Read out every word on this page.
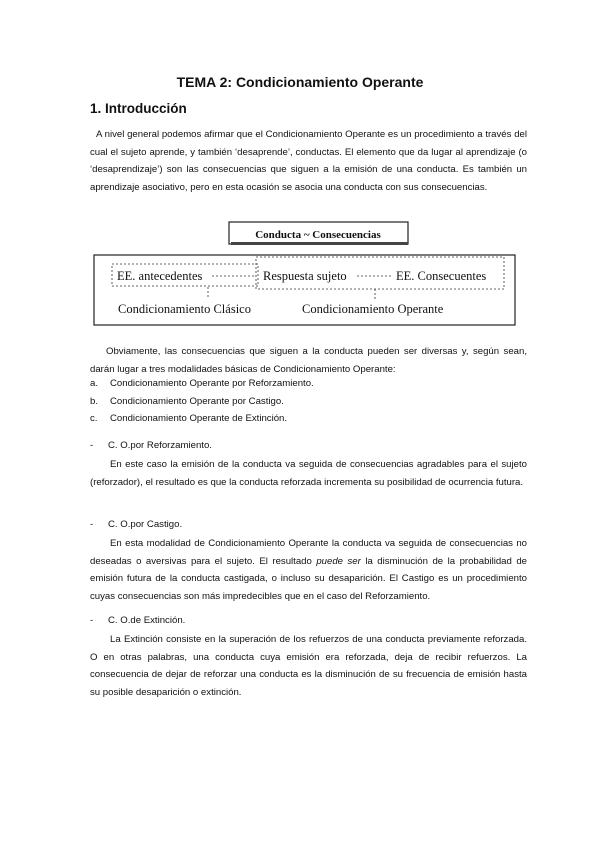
TEMA 2: Condicionamiento Operante
1. Introducción

A nivel general podemos afirmar que el Condicionamiento Operante es un procedimiento a través del cual el sujeto aprende, y también ‘desaprende’, conductas. El elemento que da lugar al aprendizaje (o ‘desaprendizaje’) son las consecuencias que siguen a la emisión de una conducta. Es también un aprendizaje asociativo, pero en esta ocasión se asocia una conducta con sus consecuencias.

Conducta ~ Consecuencias
EE. antecedentes	Respuesta sujeto	EE. Consecuentes
Condicionamiento Clásico	Condicionamiento Operante

Obviamente, las consecuencias que siguen a la conducta pueden ser diversas y, según sean, darán lugar a tres modalidades básicas de Condicionamiento Operante:

a. Condicionamiento Operante por Reforzamiento.
b. Condicionamiento Operante por Castigo.
c. Condicionamiento Operante de Extinción.
- C. O.por Reforzamiento.

En este caso la emisión de la conducta va seguida de consecuencias agradables para el sujeto (reforzador), el resultado es que la conducta reforzada incrementa su posibilidad de ocurrencia futura.

- C. O.por Castigo.

En esta modalidad de Condicionamiento Operante la conducta va seguida de consecuencias no deseadas o aversivas para el sujeto. El resultado puede ser la disminución de la probabilidad de emisión futura de la conducta castigada, o incluso su desaparición. El Castigo es un procedimiento cuyas consecuencias son más impredecibles que en el caso del Reforzamiento.

- C. O.de Extinción.

La Extinción consiste en la superación de los refuerzos de una conducta previamente reforzada. O en otras palabras, una conducta cuya emisión era reforzada, deja de recibir refuerzos. La consecuencia de dejar de reforzar una conducta es la disminución de su frecuencia de emisión hasta su posible desaparición o extinción.
